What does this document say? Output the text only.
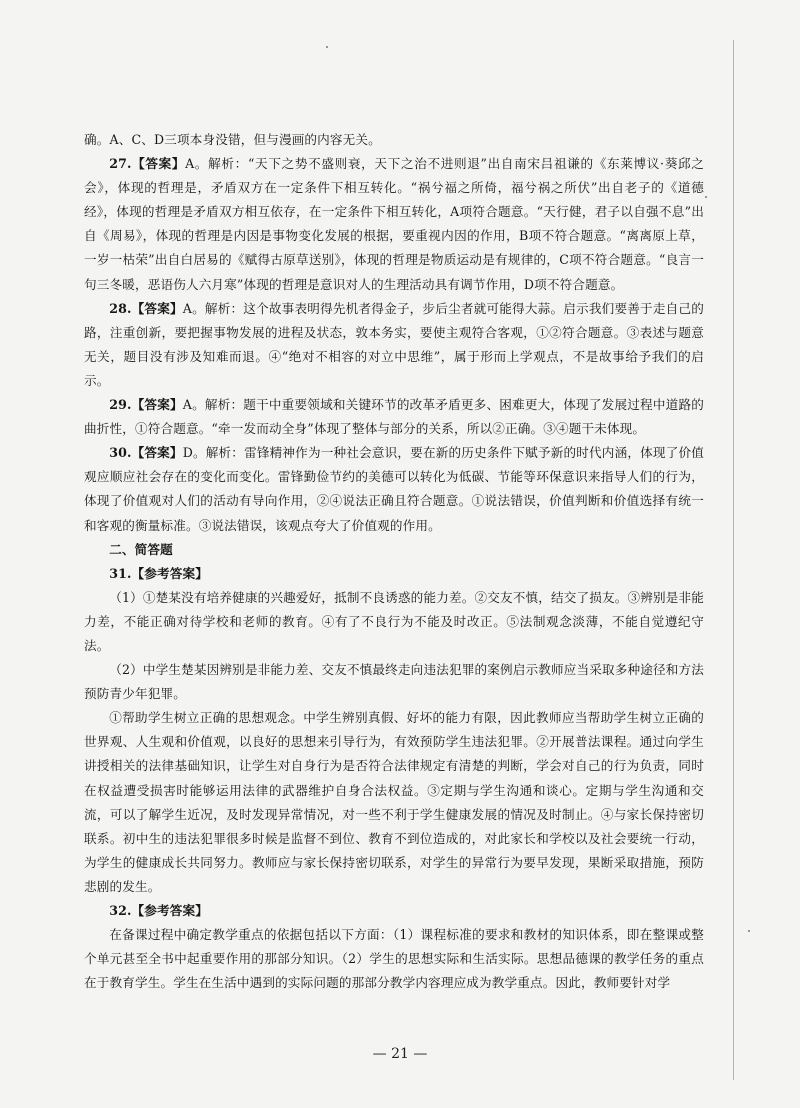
确。A、C、D三项本身没错，但与漫画的内容无关。

27.【答案】A。解析：“天下之势不盛则衰，天下之治不进则退”出自南宋吕祖谦的《东莱博议·葵邱之会》，体现的哲理是，矛盾双方在一定条件下相互转化。“祸兮福之所倚，福兮祸之所伏”出自老子的《道德经》，体现的哲理是矛盾双方相互依存，在一定条件下相互转化，A项符合题意。“天行健，君子以自强不息”出自《周易》，体现的哲理是内因是事物变化发展的根据，要重视内因的作用，B项不符合题意。“离离原上草，一岁一枯荣”出自白居易的《赋得古原草送别》，体现的哲理是物质运动是有规律的，C项不符合题意。“良言一句三冬暖，恶语伤人六月寒”体现的哲理是意识对人的生理活动具有调节作用，D项不符合题意。

28.【答案】A。解析：这个故事表明得先机者得金子，步后尘者就可能得大蒜。启示我们要善于走自己的路，注重创新，要把握事物发展的进程及状态，敦本务实，要使主观符合客观，①②符合题意。③表述与题意无关，题目没有涉及知难而退。④“绝对不相容的对立中思维”，属于形而上学观点，不是故事给予我们的启示。

29.【答案】A。解析：题干中重要领域和关键环节的改革矛盾更多、困难更大，体现了发展过程中道路的曲折性，①符合题意。“牵一发而动全身”体现了整体与部分的关系，所以②正确。③④题干未体现。

30.【答案】D。解析：雷锋精神作为一种社会意识，要在新的历史条件下赋予新的时代内涵，体现了价值观应顺应社会存在的变化而变化。雷锋勤俭节约的美德可以转化为低碳、节能等环保意识来指导人们的行为，体现了价值观对人们的活动有导向作用，②④说法正确且符合题意。①说法错误，价值判断和价值选择有统一和客观的衡量标准。③说法错误，该观点夸大了价值观的作用。

二、简答题

31.【参考答案】

（1）①楚某没有培养健康的兴趣爱好，抵制不良诱惑的能力差。②交友不慎，结交了损友。③辨别是非能力差，不能正确对待学校和老师的教育。④有了不良行为不能及时改正。⑤法制观念淡薄，不能自觉遵纪守法。

（2）中学生楚某因辨别是非能力差、交友不慎最终走向违法犯罪的案例启示教师应当采取多种途径和方法预防青少年犯罪。

①帮助学生树立正确的思想观念。中学生辨别真假、好坏的能力有限，因此教师应当帮助学生树立正确的世界观、人生观和价值观，以良好的思想来引导行为，有效预防学生违法犯罪。②开展普法课程。通过向学生讲授相关的法律基础知识，让学生对自身行为是否符合法律规定有清楚的判断，学会对自己的行为负责，同时在权益遭受损害时能够运用法律的武器维护自身合法权益。③定期与学生沟通和谈心。定期与学生沟通和交流，可以了解学生近况，及时发现异常情况，对一些不利于学生健康发展的情况及时制止。④与家长保持密切联系。初中生的违法犯罪很多时候是监督不到位、教育不到位造成的，对此家长和学校以及社会要统一行动，为学生的健康成长共同努力。教师应与家长保持密切联系，对学生的异常行为要早发现，果断采取措施，预防悲剧的发生。

32.【参考答案】

在备课过程中确定教学重点的依据包括以下方面：（1）课程标准的要求和教材的知识体系，即在整课或整个单元甚至全书中起重要作用的那部分知识。（2）学生的思想实际和生活实际。思想品德课的教学任务的重点在于教育学生。学生在生活中遇到的实际问题的那部分教学内容理应成为教学重点。因此，教师要针对学

— 21 —
